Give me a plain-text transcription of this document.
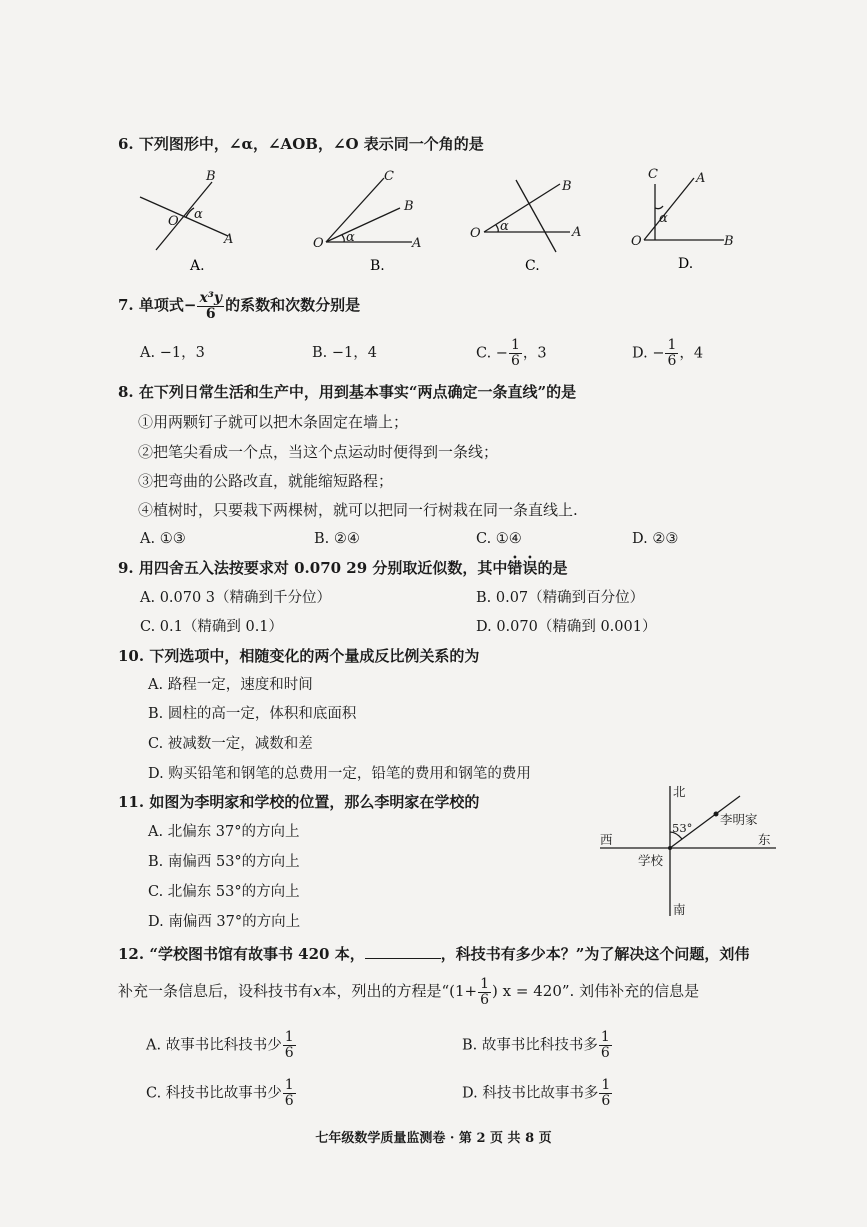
6. 下列图形中，∠α，∠AOB，∠O 表示同一个角的是
B
O α
A
A.
O
C
B
A
α
B.
O
B
A
α
C.
O
C	A
B
α
D.
7. 单项式− $\frac{\text{x³y}}{6}$ 的系数和次数分别是
A. −1，3	B. −1，4	C. − $\frac{1}{6}$ ，3	D. − $\frac{1}{6}$ ，4
8. 在下列日常生活和生产中，用到基本事实“两点确定一条直线”的是
①用两颗钉子就可以把木条固定在墙上；
②把笔尖看成一个点，当这个点运动时便得到一条线；
③把弯曲的公路改直，就能缩短路程；
④植树时，只要栽下两棵树，就可以把同一行树栽在同一条直线上.
A. ①③	B. ②④	C. ①④	D. ②③
9. 用四舍五入法按要求对 0.070 29 分别取近似数，其中错误的是
A. 0.070 3（精确到千分位）	B. 0.07（精确到百分位）
C. 0.1（精确到 0.1）	D. 0.070（精确到 0.001）
10. 下列选项中，相随变化的两个量成反比例关系的为
A. 路程一定，速度和时间
B. 圆柱的高一定，体积和底面积
C. 被减数一定，减数和差
D. 购买铅笔和钢笔的总费用一定，铅笔的费用和钢笔的费用
11. 如图为李明家和学校的位置，那么李明家在学校的
A. 北偏东 37°的方向上
B. 南偏西 53°的方向上
C. 北偏东 53°的方向上
D. 南偏西 37°的方向上
北
南
西	东
学校
李明家
53°
12. “学校图书馆有故事书 420 本，	，科技书有多少本？”为了解决这个问题，刘伟
补充一条信息后，设科技书有x本，列出的方程是“($1+ \frac{1}{6}$ ) x = 420”. 刘伟补充的信息是
A. 故事书比科技书少 $\frac{1}{6}$	B. 故事书比科技书多 $\frac{1}{6}$
C. 科技书比故事书少 $\frac{1}{6}$	D. 科技书比故事书多 $\frac{1}{6}$
七年级数学质量监测卷 · 第 2 页 共 8 页
